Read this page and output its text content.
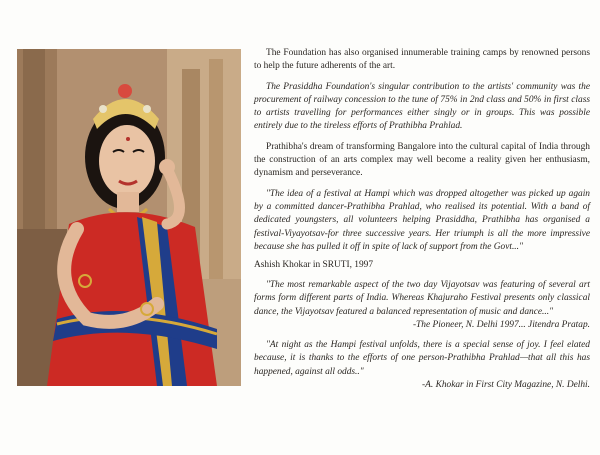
The Foundation has also organised innumerable training camps by renowned persons to help the future adherents of the art.

The Prasiddha Foundation's singular contribution to the artists' community was the procurement of railway concession to the tune of 75% in 2nd class and 50% in first class to artists travelling for performances either singly or in groups. This was possible entirely due to the tireless efforts of Prathibha Prahlad.

Prathibha's dream of transforming Bangalore into the cultural capital of India through the construction of an arts complex may well become a reality given her enthusiasm, dynamism and perseverance.

"The idea of a festival at Hampi which was dropped altogether was picked up again by a committed dancer-Prathibha Prahlad, who realised its potential. With a band of dedicated youngsters, all volunteers helping Prasiddha, Prathibha has organised a festival-Viyayotsav-for three successive years. Her triumph is all the more impressive because she has pulled it off in spite of lack of support from the Govt..."

Ashish Khokar in SRUTI, 1997

"The most remarkable aspect of the two day Vijayotsav was featuring of several art forms form different parts of India. Whereas Khajuraho Festival presents only classical dance, the Vijayotsav featured a balanced representation of music and dance..."

-The Pioneer, N. Delhi 1997... Jitendra Pratap.

"At night as the Hampi festival unfolds, there is a special sense of joy. I feel elated because, it is thanks to the efforts of one person-Prathibha Prahlad—that all this has happened, against all odds.."

-A. Khokar in First City Magazine, N. Delhi.
